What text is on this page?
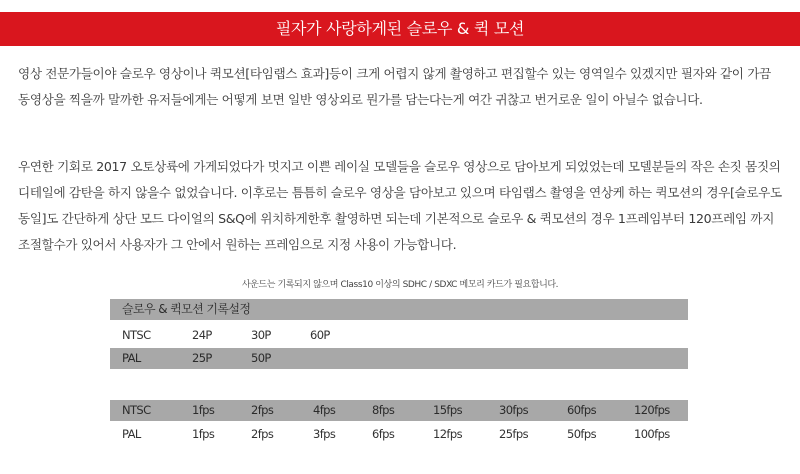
필자가 사랑하게된 슬로우 & 퀵 모션

영상 전문가들이야 슬로우 영상이나 퀵모션[타임랩스 효과]등이 크게 어렵지 않게 촬영하고 편집할수 있는 영역일수 있겠지만 필자와 같이 가끔 동영상을 찍을까 말까한 유저들에게는 어떻게 보면 일반 영상외로 뭔가를 담는다는게 여간 귀찮고 번거로운 일이 아닐수 없습니다.

우연한 기회로 2017 오토상륙에 가게되었다가 멋지고 이쁜 레이실 모델들을 슬로우 영상으로 담아보게 되었었는데 모델분들의 작은 손짓 몸짓의 디테일에 감탄을 하지 않을수 없었습니다. 이후로는 틈틈히 슬로우 영상을 담아보고 있으며 타임랩스 촬영을 연상케 하는 퀵모션의 경우[슬로우도 동일]도 간단하게 상단 모드 다이얼의 S&Q에 위치하게한후 촬영하면 되는데 기본적으로 슬로우 & 퀵모션의 경우 1프레임부터 120프레임 까지 조절할수가 있어서 사용자가 그 안에서 원하는 프레임으로 지정 사용이 가능합니다.

사운드는 기록되지 않으며 Class10 이상의 SDHC / SDXC 메모리 카드가 필요합니다.
슬로우 & 퀵모션 기록설정
NTSC	24P	30P	60P
PAL	25P	50P
NTSC	1fps	2fps	4fps	8fps	15fps	30fps	60fps	120fps
PAL	1fps	2fps	3fps	6fps	12fps	25fps	50fps	100fps
